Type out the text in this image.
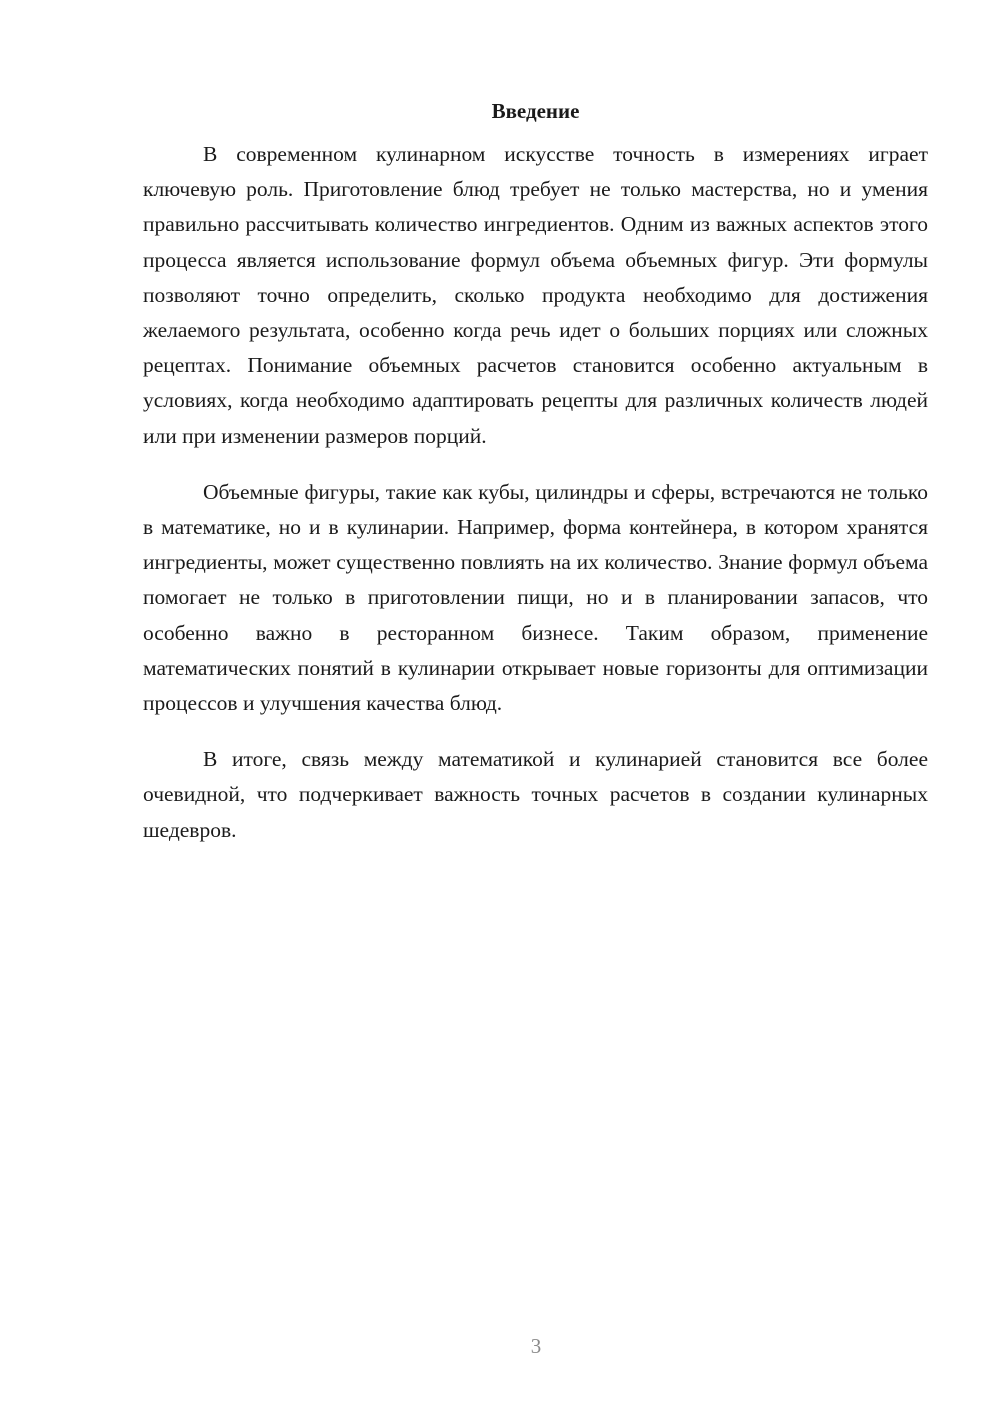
Введение

В современном кулинарном искусстве точность в измерениях играет ключевую роль. Приготовление блюд требует не только мастерства, но и умения правильно рассчитывать количество ингредиентов. Одним из важных аспектов этого процесса является использование формул объема объемных фигур. Эти формулы позволяют точно определить, сколько продукта необходимо для достижения желаемого результата, особенно когда речь идет о больших порциях или сложных рецептах. Понимание объемных расчетов становится особенно актуальным в условиях, когда необходимо адаптировать рецепты для различных количеств людей или при изменении размеров порций.

Объемные фигуры, такие как кубы, цилиндры и сферы, встречаются не только в математике, но и в кулинарии. Например, форма контейнера, в котором хранятся ингредиенты, может существенно повлиять на их количество. Знание формул объема помогает не только в приготовлении пищи, но и в планировании запасов, что особенно важно в ресторанном бизнесе. Таким образом, применение математических понятий в кулинарии открывает новые горизонты для оптимизации процессов и улучшения качества блюд.

В итоге, связь между математикой и кулинарией становится все более очевидной, что подчеркивает важность точных расчетов в создании кулинарных шедевров.

3
